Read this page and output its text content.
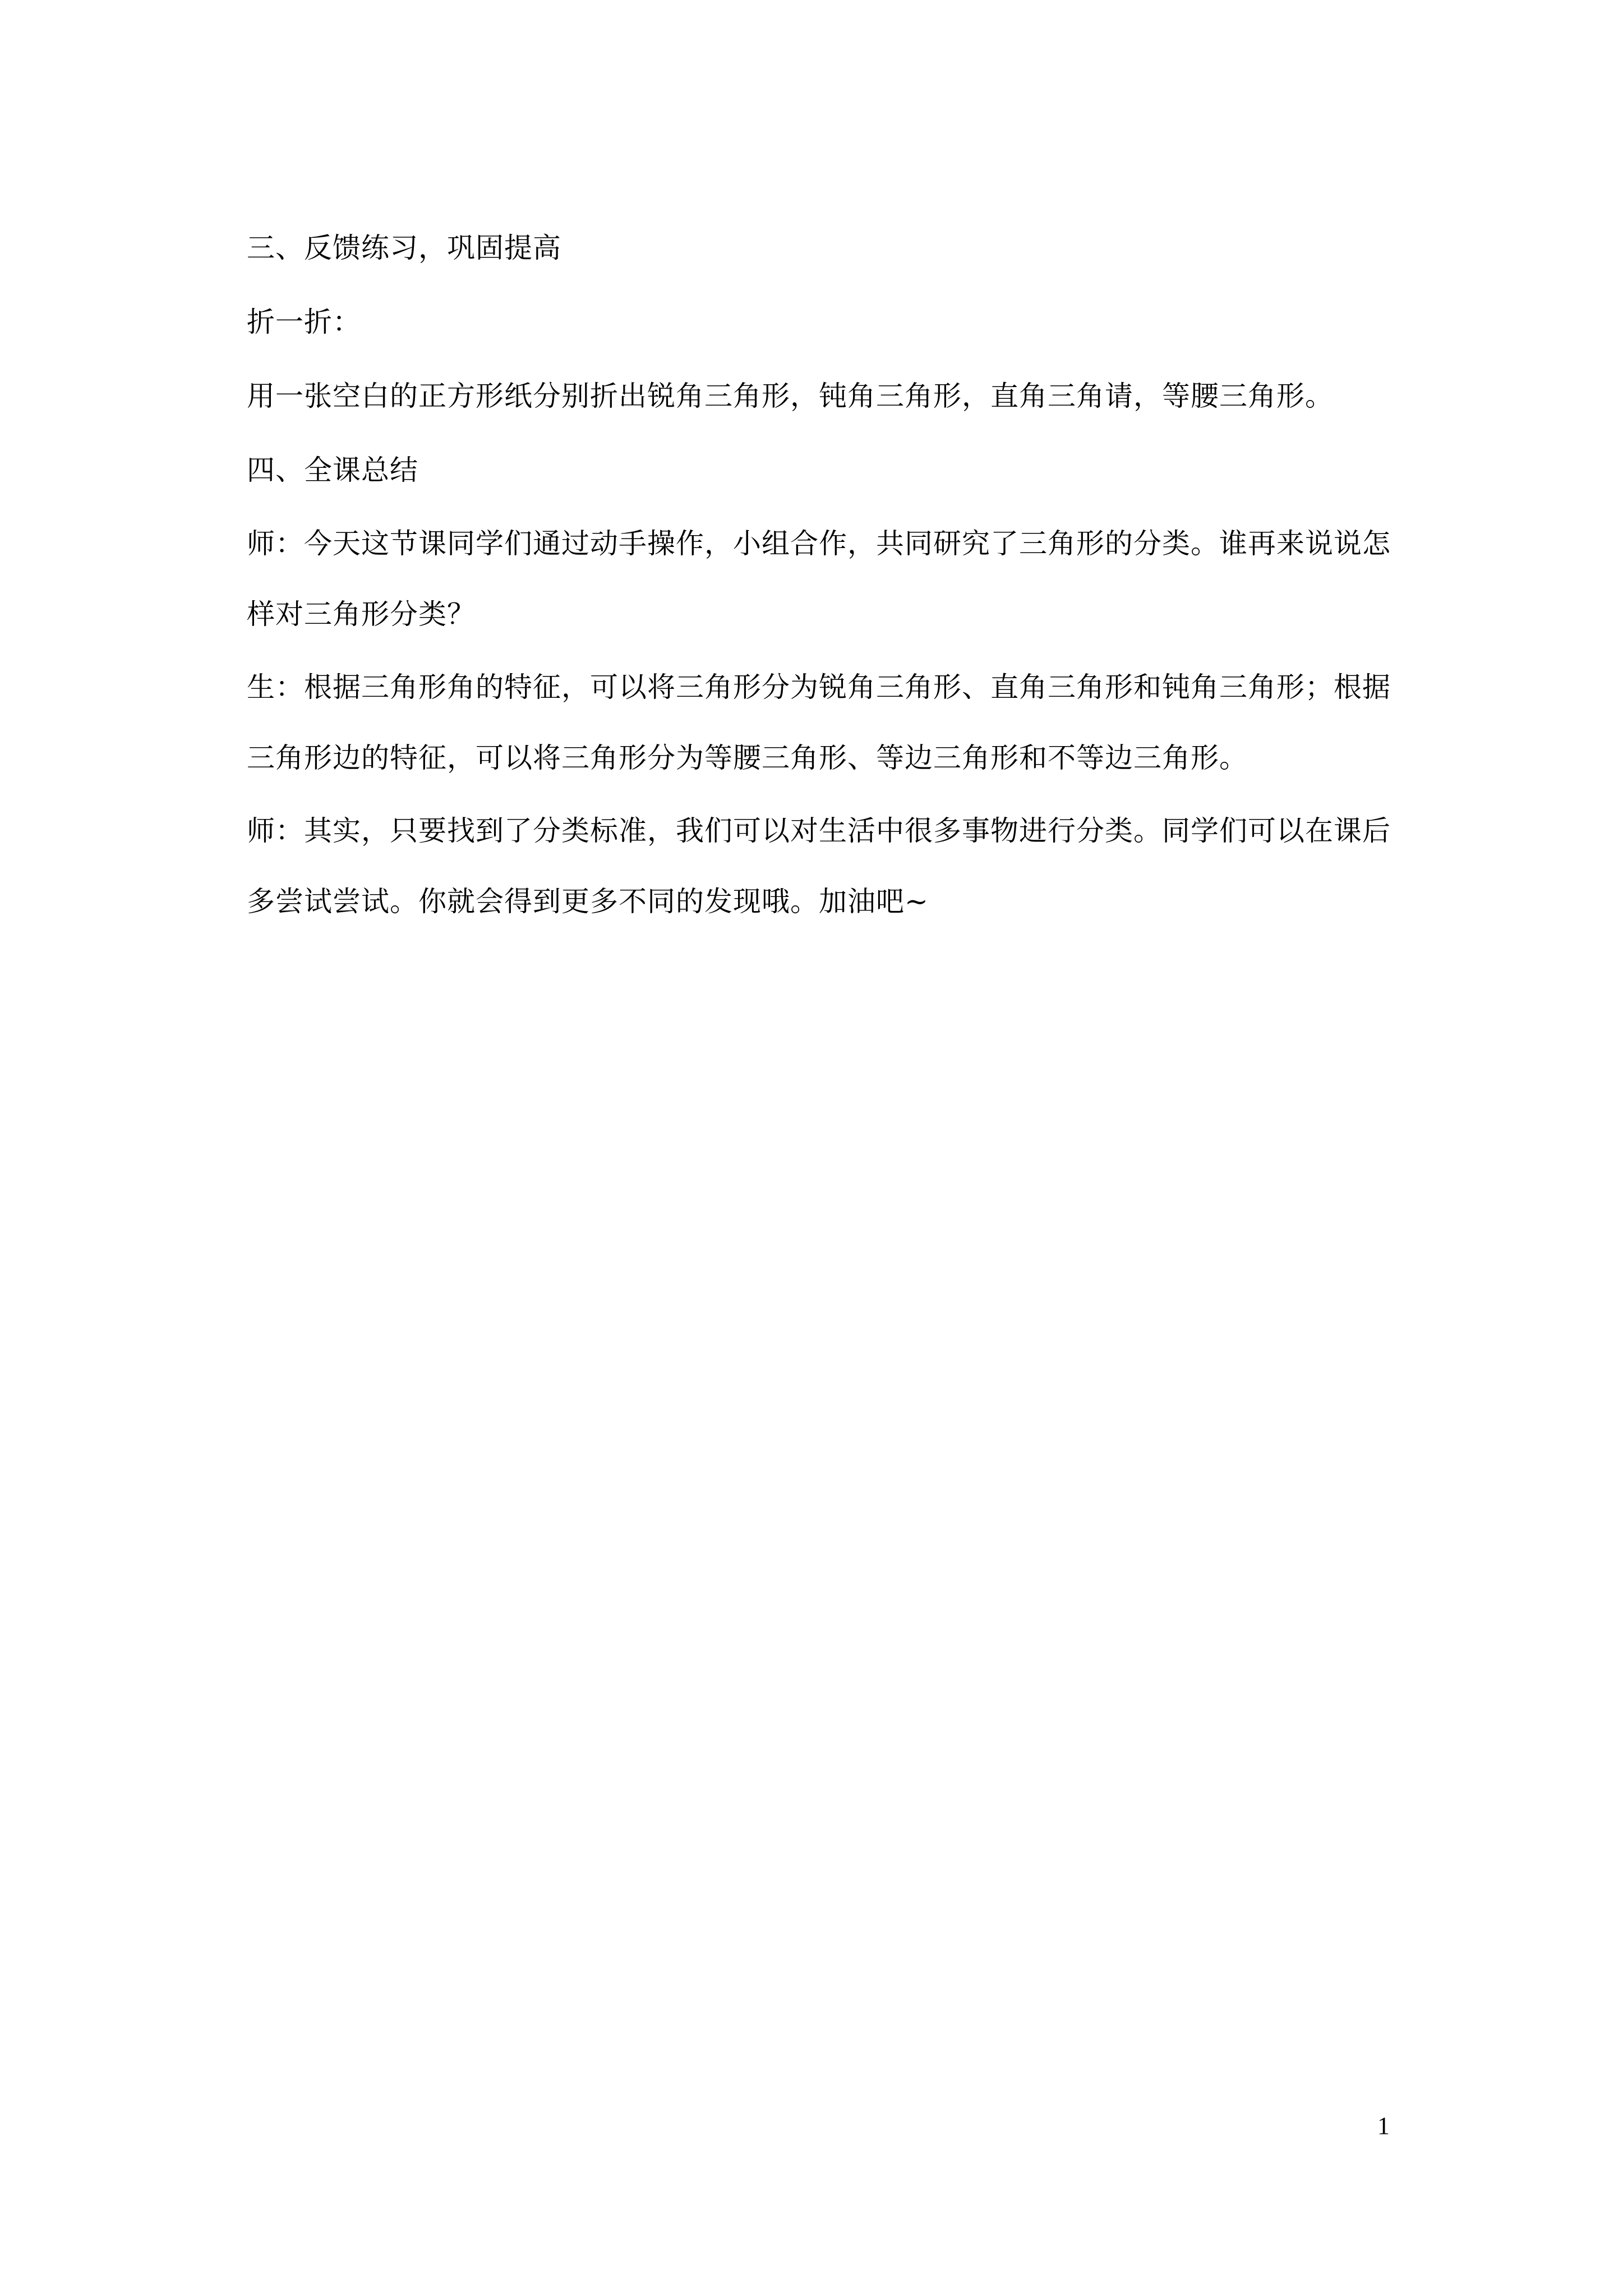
三、反馈练习，巩固提高

折一折：

用一张空白的正方形纸分别折出锐角三角形，钝角三角形，直角三角请，等腰三角形。

四、全课总结

师：今天这节课同学们通过动手操作，小组合作，共同研究了三角形的分类。谁再来说说怎样对三角形分类？

生：根据三角形角的特征，可以将三角形分为锐角三角形、直角三角形和钝角三角形；根据三角形边的特征，可以将三角形分为等腰三角形、等边三角形和不等边三角形。

师：其实，只要找到了分类标准，我们可以对生活中很多事物进行分类。同学们可以在课后多尝试尝试。你就会得到更多不同的发现哦。加油吧~

1
